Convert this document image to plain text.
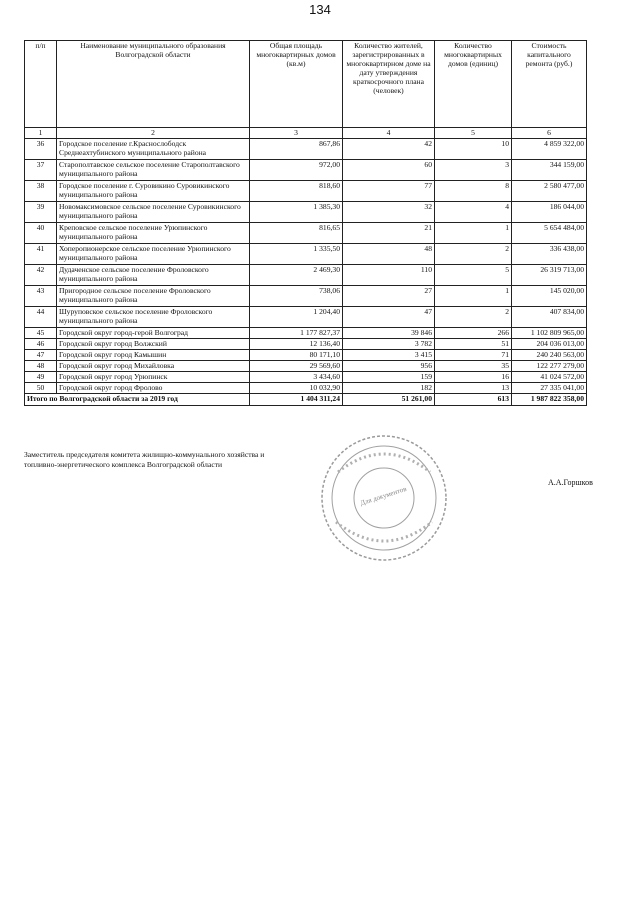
134
п/п	Наименование муниципального образования Волгоградской области	Общая площадь многоквартирных домов (кв.м)	Количество жителей, зарегистрированных в многоквартирном доме на дату утверждения краткосрочного плана (человек)	Количество многоквартирных домов (единиц)	Стоимость капитального ремонта (руб.)
1	2	3	4	5	6
36	Городское поселение г.Краснослободск Среднеахтубинского муниципального района	867,86	42	10	4 859 322,00
37	Старополтавское сельское поселение Старополтавского муниципального района	972,00	60	3	344 159,00
38	Городское поселение г. Суровикино Суровикинского муниципального района	818,60	77	8	2 580 477,00
39	Новомаксимовское сельское поселение Суровикинского муниципального района	1 385,30	32	4	186 044,00
40	Креповское сельское поселение Урюпинского муниципального района	816,65	21	1	5 654 484,00
41	Хоперопионерское сельское поселение Урюпинского муниципального района	1 335,50	48	2	336 438,00
42	Дудаченское сельское поселение Фроловского муниципального района	2 469,30	110	5	26 319 713,00
43	Пригородное сельское поселение Фроловского муниципального района	738,06	27	1	145 020,00
44	Шуруповское сельское поселение Фроловского муниципального района	1 204,40	47	2	407 834,00
45	Городской округ город-герой Волгоград	1 177 827,37	39 846	266	1 102 809 965,00
46	Городской округ город Волжский	12 136,40	3 782	51	204 036 013,00
47	Городской округ город Камышин	80 171,10	3 415	71	240 240 563,00
48	Городской округ город Михайловка	29 569,60	956	35	122 277 279,00
49	Городской округ город Урюпинск	3 434,60	159	16	41 024 572,00
50	Городской округ город Фролово	10 032,90	182	13	27 335 041,00
Итого по Волгоградской области за 2019 год		1 404 311,24	51 261,00	613	1 987 822 358,00
Заместитель председателя комитета жилищно-коммунального хозяйства и топливно-энергетического комплекса Волгоградской области
А.А.Горшков
Для документов
